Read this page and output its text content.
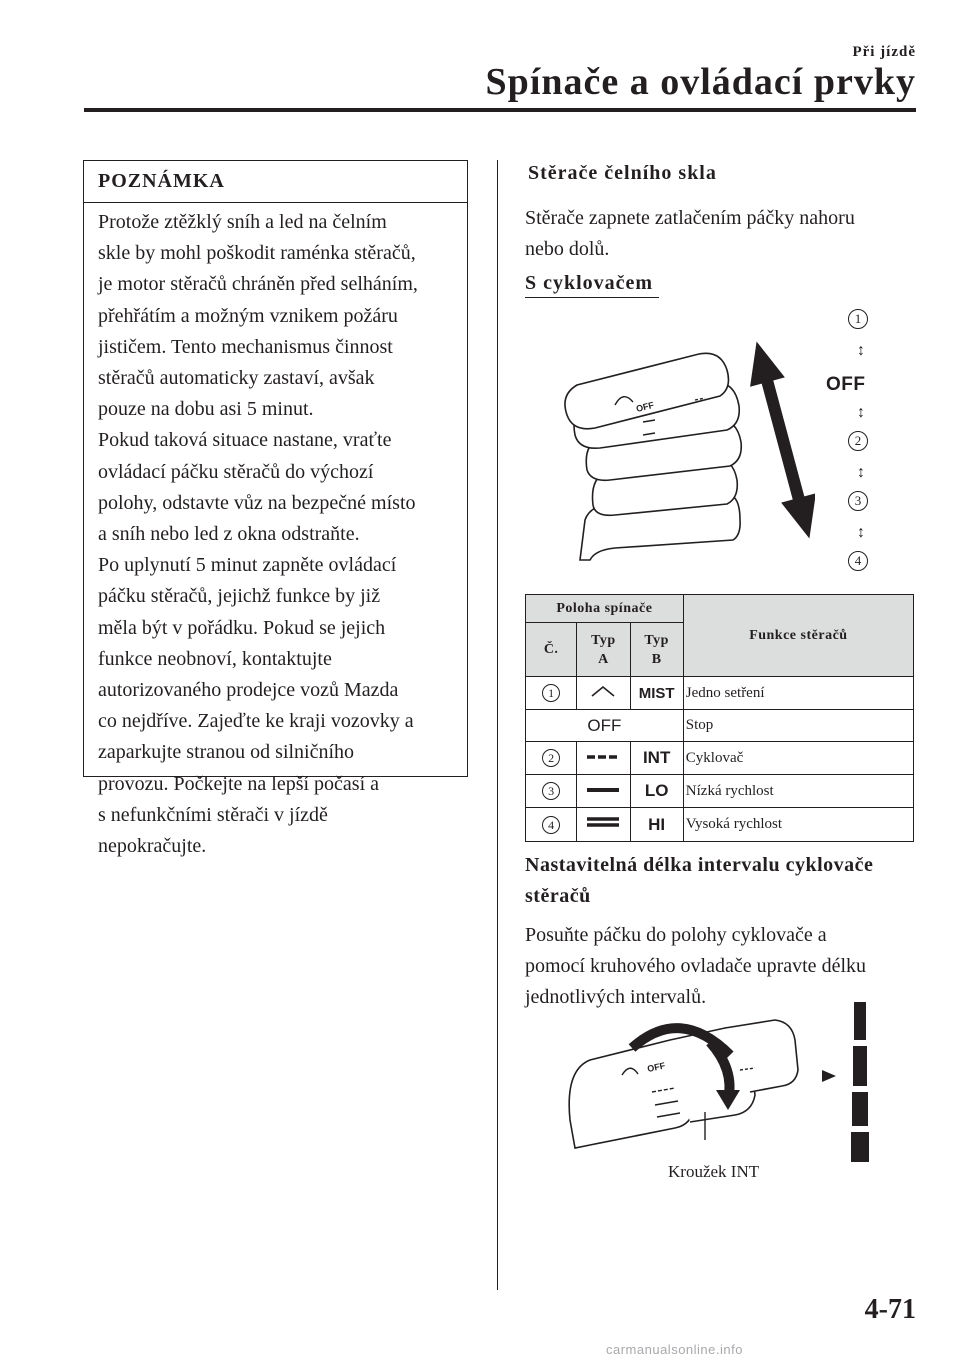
Při jízdě
Spínače a ovládací prvky
POZNÁMKA
Protože ztěžklý sníh a led na čelním
skle by mohl poškodit raménka stěračů,
je motor stěračů chráněn před selháním,
přehřátím a možným vznikem požáru
jističem. Tento mechanismus činnost
stěračů automaticky zastaví, avšak
pouze na dobu asi 5 minut.
Pokud taková situace nastane, vraťte
ovládací páčku stěračů do výchozí
polohy, odstavte vůz na bezpečné místo
a sníh nebo led z okna odstraňte.
Po uplynutí 5 minut zapněte ovládací
páčku stěračů, jejichž funkce by již
měla být v pořádku. Pokud se jejich
funkce neobnoví, kontaktujte
autorizovaného prodejce vozů Mazda
co nejdříve. Zajeďte ke kraji vozovky a
zaparkujte stranou od silničního
provozu. Počkejte na lepší počasí a
s nefunkčními stěrači v jízdě
nepokračujte.
Stěrače čelního skla
Stěrače zapnete zatlačením páčky nahoru
nebo dolů.
S cyklovačem
OFF
1
↕
OFF
↕
2
↕
3
↕
4
Poloha spínače			Funkce stěračů
Č.	Typ A	Typ B	
1		MIST	Jedno setření
OFF			Stop
2		INT	Cyklovač
3		LO	Nízká rychlost
4		HI	Vysoká rychlost
Nastavitelná délka intervalu cyklovače
stěračů
Posuňte páčku do polohy cyklovače a
pomocí kruhového ovladače upravte délku
jednotlivých intervalů.
OFF
Kroužek INT
4-71
carmanualsonline.info
